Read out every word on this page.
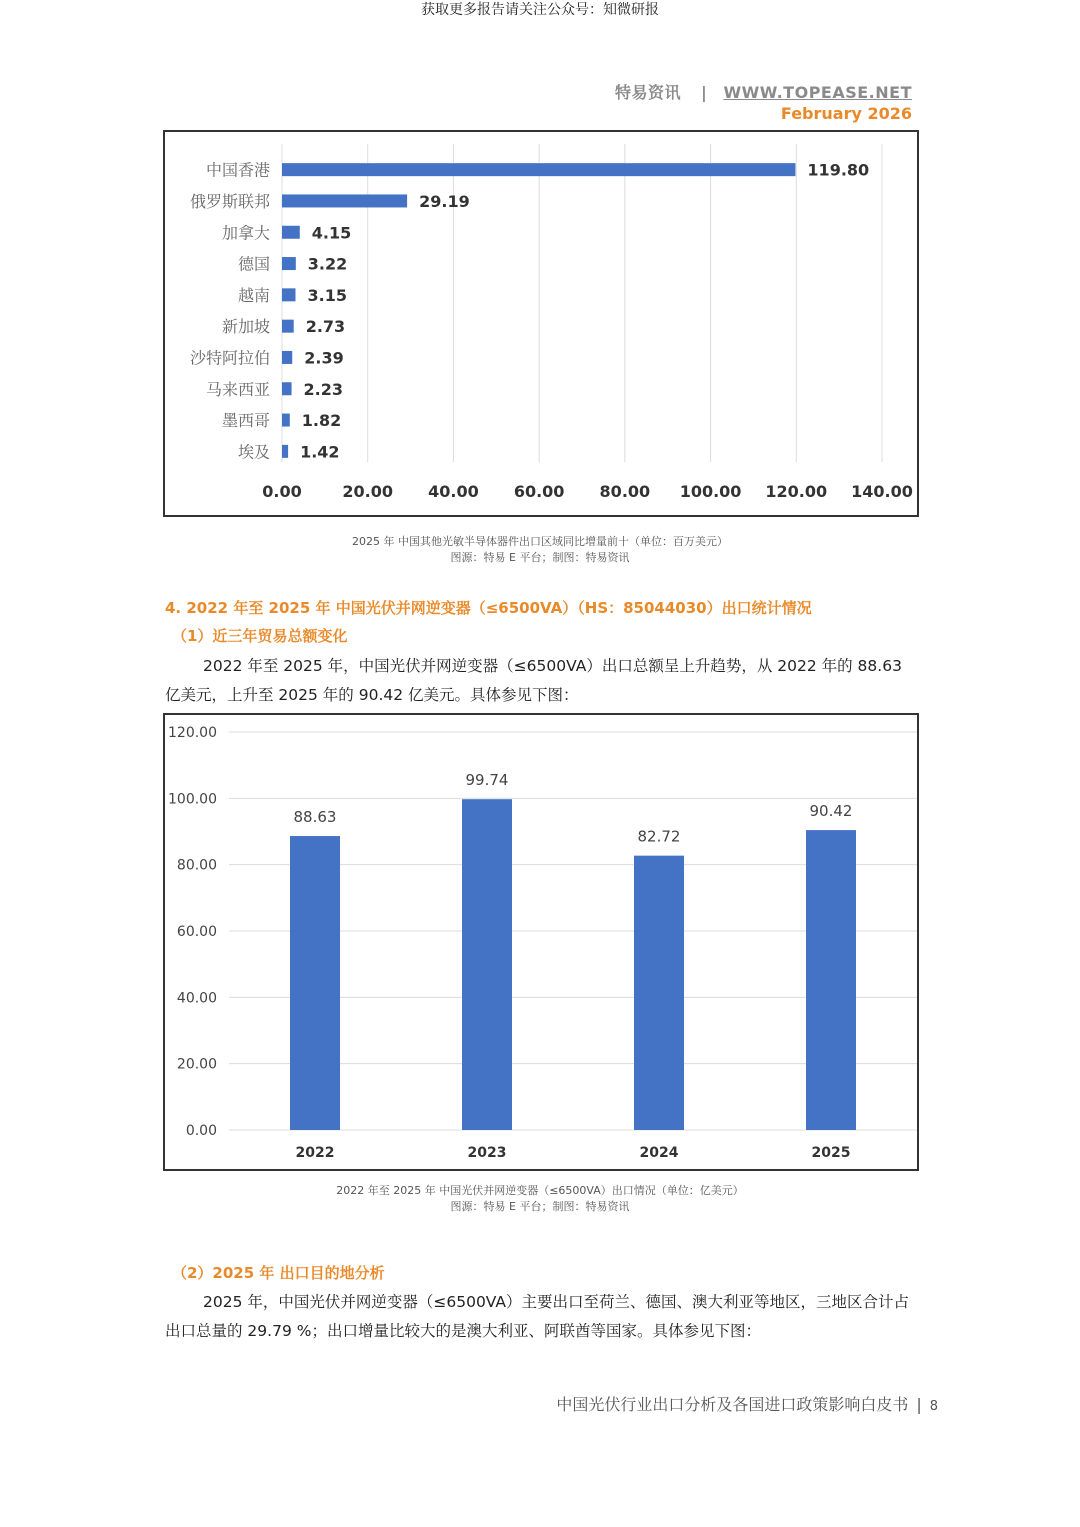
获取更多报告请关注公众号：知微研报
特易资讯 | WWW.TOPEASE.NET
February 2026
0.00	20.00 40.00 60.00 80.00 100.00 120.00 140.00
中国香港	119.80
俄罗斯联邦	29.19
加拿大	4.15
德国 3.22
越南 3.15
新加坡 2.73
沙特阿拉伯 2.39
马来西亚 2.23
墨西哥 1.82
埃及 1.42
2025 年 中国其他光敏半导体器件出口区域同比增量前十（单位：百万美元）
图源：特易 E 平台；制图：特易资讯
4. 2022 年至 2025 年 中国光伏并网逆变器（≤6500VA）（HS：85044030）出口统计情况
（1）近三年贸易总额变化
2022 年至 2025 年，中国光伏并网逆变器（≤6500VA）出口总额呈上升趋势，从 2022 年的 88.63 亿美元，上升至 2025 年的 90.42 亿美元。具体参见下图：
0.00
20.00
40.00
60.00
80.00
100.00
120.00
88.63
2022
99.74
2023
82.72
2024
90.42
2025
2022 年至 2025 年 中国光伏并网逆变器（≤6500VA）出口情况（单位：亿美元）
图源：特易 E 平台；制图：特易资讯
（2）2025 年 出口目的地分析
2025 年，中国光伏并网逆变器（≤6500VA）主要出口至荷兰、德国、澳大利亚等地区，三地区合计占出口总量的 29.79 %；出口增量比较大的是澳大利亚、阿联酋等国家。具体参见下图：
中国光伏行业出口分析及各国进口政策影响白皮书 | 8
